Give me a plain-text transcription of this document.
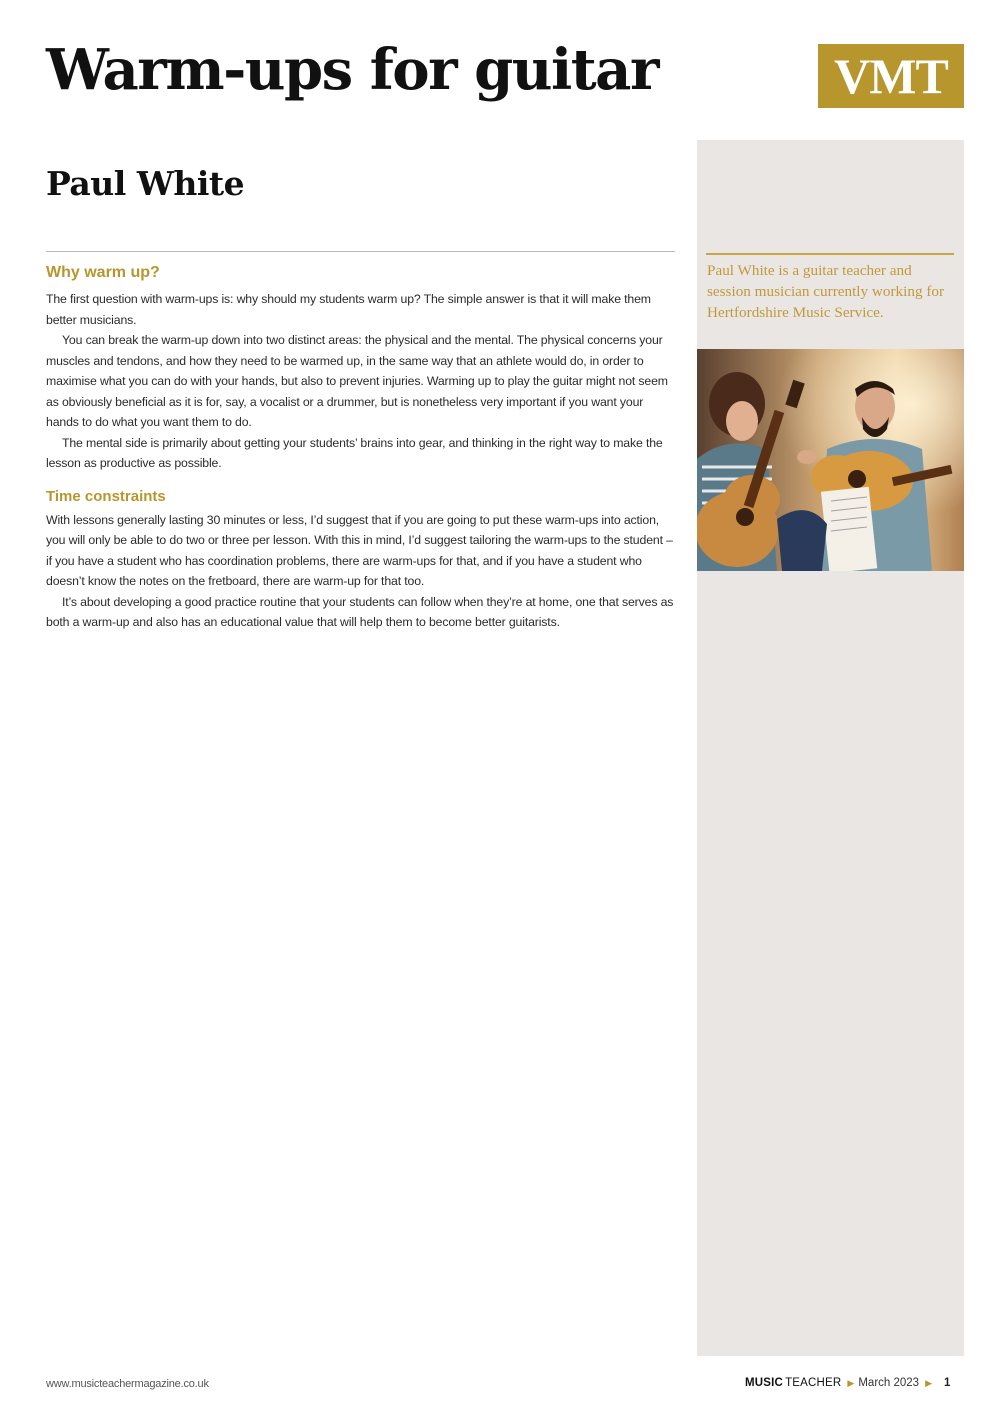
Warm-ups for guitar	VMT
Paul White
Paul White is a guitar teacher and session musician currently working for Hertfordshire Music Service.
Why warm up?

The first question with warm-ups is: why should my students warm up? The simple answer is that it will make them better musicians.

You can break the warm-up down into two distinct areas: the physical and the mental. The physical concerns your muscles and tendons, and how they need to be warmed up, in the same way that an athlete would do, in order to maximise what you can do with your hands, but also to prevent injuries. Warming up to play the guitar might not seem as obviously beneficial as it is for, say, a vocalist or a drummer, but is nonetheless very important if you want your hands to do what you want them to do.

The mental side is primarily about getting your students’ brains into gear, and thinking in the right way to make the lesson as productive as possible.

Time constraints

With lessons generally lasting 30 minutes or less, I’d suggest that if you are going to put these warm-ups into action, you will only be able to do two or three per lesson. With this in mind, I’d suggest tailoring the warm-ups to the student – if you have a student who has coordination problems, there are warm-ups for that, and if you have a student who doesn’t know the notes on the fretboard, there are warm-up for that too.

It’s about developing a good practice routine that your students can follow when they’re at home, one that serves as both a warm-up and also has an educational value that will help them to become better guitarists.

www.musicteachermagazine.co.uk	MUSIC TEACHER ▶ March 2023 ▶ 1
